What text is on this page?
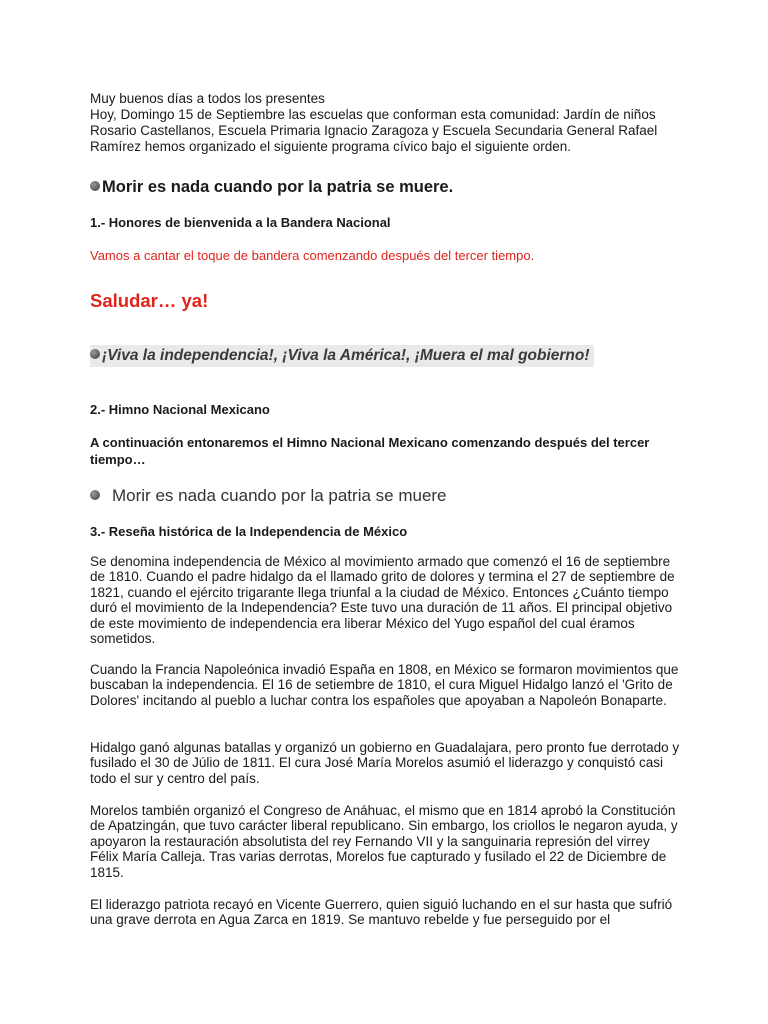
Muy buenos días a todos los presentes
Hoy, Domingo 15 de Septiembre las escuelas que conforman esta comunidad: Jardín de niños
Rosario Castellanos, Escuela Primaria Ignacio Zaragoza y Escuela Secundaria General Rafael
Ramírez hemos organizado el siguiente programa cívico bajo el siguiente orden.
Morir es nada cuando por la patria se muere.
1.- Honores de bienvenida a la Bandera Nacional
Vamos a cantar el toque de bandera comenzando después del tercer tiempo.
Saludar… ya!
¡Viva la independencia!, ¡Viva la América!, ¡Muera el mal gobierno!
2.- Himno Nacional Mexicano
A continuación entonaremos el Himno Nacional Mexicano comenzando después del tercer tiempo…
Morir es nada cuando por la patria se muere
3.- Reseña histórica de la Independencia de México
Se denomina independencia de México al movimiento armado que comenzó el 16 de septiembre de 1810. Cuando el padre hidalgo da el llamado grito de dolores y termina el 27 de septiembre de 1821, cuando el ejército trigarante llega triunfal a la ciudad de México. Entonces ¿Cuánto tiempo duró el movimiento de la Independencia? Este tuvo una duración de 11 años. El principal objetivo de este movimiento de independencia era liberar México del Yugo español del cual éramos sometidos.
Cuando la Francia Napoleónica invadió España en 1808, en México se formaron movimientos que buscaban la independencia. El 16 de setiembre de 1810, el cura Miguel Hidalgo lanzó el 'Grito de Dolores' incitando al pueblo a luchar contra los españoles que apoyaban a Napoleón Bonaparte.
Hidalgo ganó algunas batallas y organizó un gobierno en Guadalajara, pero pronto fue derrotado y fusilado el 30 de Júlio de 1811. El cura José María Morelos asumió el liderazgo y conquistó casi todo el sur y centro del país.
Morelos también organizó el Congreso de Anáhuac, el mismo que en 1814 aprobó la Constitución de Apatzingán, que tuvo carácter liberal republicano. Sin embargo, los criollos le negaron ayuda, y apoyaron la restauración absolutista del rey Fernando VII y la sanguinaria represión del virrey Félix María Calleja. Tras varias derrotas, Morelos fue capturado y fusilado el 22 de Diciembre de 1815.
El liderazgo patriota recayó en Vicente Guerrero, quien siguió luchando en el sur hasta que sufrió una grave derrota en Agua Zarca en 1819. Se mantuvo rebelde y fue perseguido por el
